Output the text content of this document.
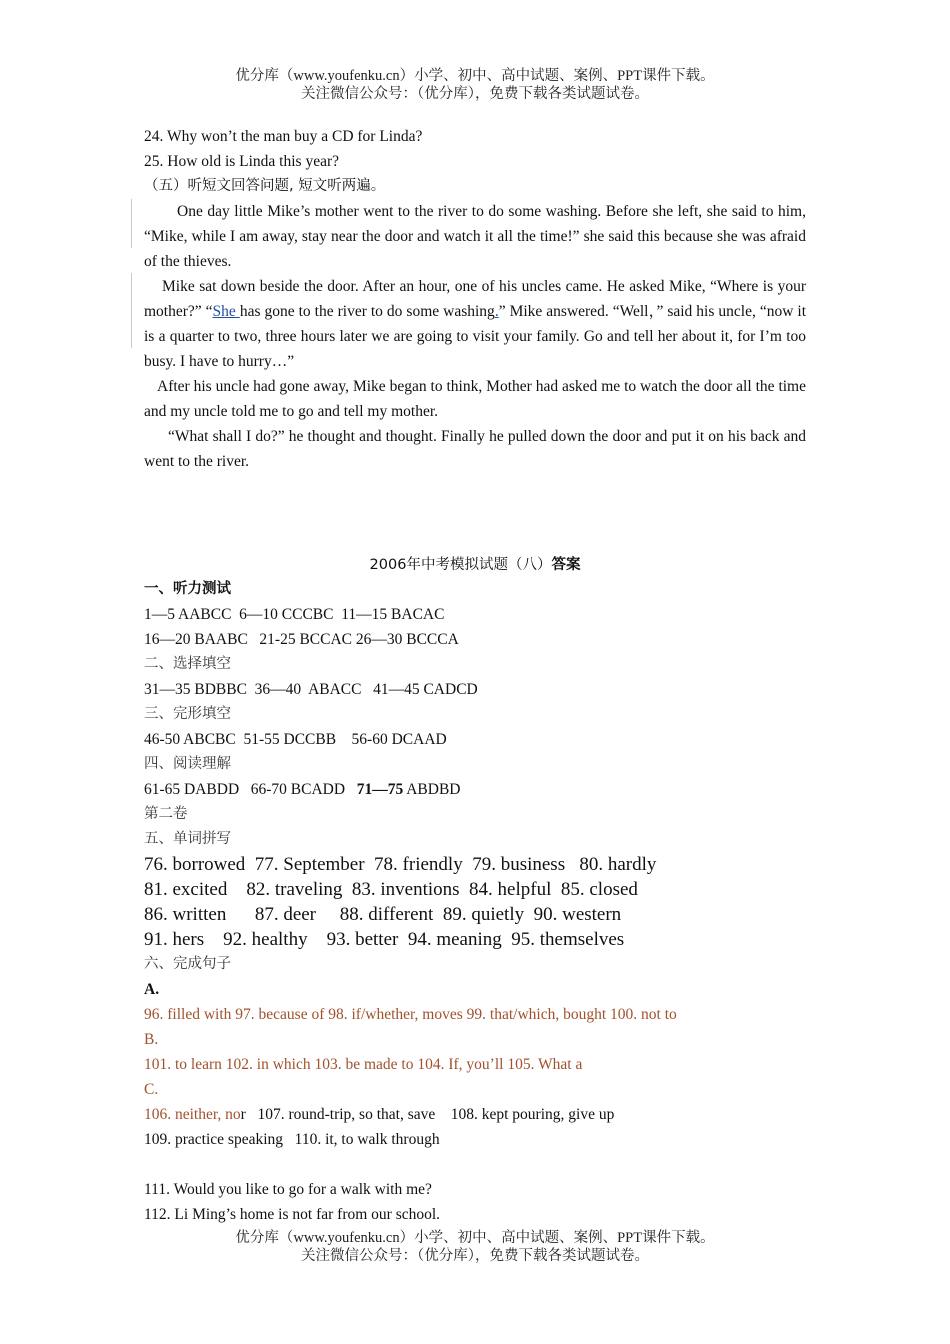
优分库（www.youfenku.cn）小学、初中、高中试题、案例、PPT课件下载。
关注微信公众号：（优分库），免费下载各类试题试卷。
24. Why won’t the man buy a CD for Linda?
25. How old is Linda this year?
（五）听短文回答问题, 短文听两遍。
One day little Mike’s mother went to the river to do some washing. Before she left, she said to him, “Mike, while I am away, stay near the door and watch it all the time!” she said this because she was afraid of the thieves.
Mike sat down beside the door. After an hour, one of his uncles came. He asked Mike, “Where is your mother?” “She has gone to the river to do some washing.” Mike answered. “Well，” said his uncle, “now it is a quarter to two, three hours later we are going to visit your family. Go and tell her about it, for I’m too busy. I have to hurry…”
After his uncle had gone away, Mike began to think, Mother had asked me to watch the door all the time and my uncle told me to go and tell my mother.
“What shall I do?” he thought and thought. Finally he pulled down the door and put it on his back and went to the river.
2006年中考模拟试题（八）答案
一、听力测试
1—5 AABCC  6—10 CCCBC  11—15 BACAC
16—20 BAABC   21-25 BCCAC 26—30 BCCCA
二、选择填空
31—35 BDBBC  36—40  ABACC   41—45 CADCD
三、完形填空
46-50 ABCBC  51-55 DCCBB    56-60 DCAAD
四、阅读理解
61-65 DABDD   66-70 BCADD   71—75 ABDBD
第二卷
五、单词拼写
76. borrowed  77. September  78. friendly  79. business   80. hardly
81. excited    82. traveling  83. inventions  84. helpful  85. closed
86. written      87. deer     88. different  89. quietly  90. western
91. hers    92. healthy    93. better  94. meaning  95. themselves
六、完成句子
A.
96. filled with 97. because of 98. if/whether, moves 99. that/which, bought 100. not to
B.
101. to learn 102. in which 103. be made to 104. If, you’ll 105. What a
C.
106. neither, nor   107. round-trip, so that, save    108. kept pouring, give up
109. practice speaking   110. it, to walk through
111. Would you like to go for a walk with me?
112. Li Ming’s home is not far from our school.
优分库（www.youfenku.cn）小学、初中、高中试题、案例、PPT课件下载。
关注微信公众号：（优分库），免费下载各类试题试卷。
